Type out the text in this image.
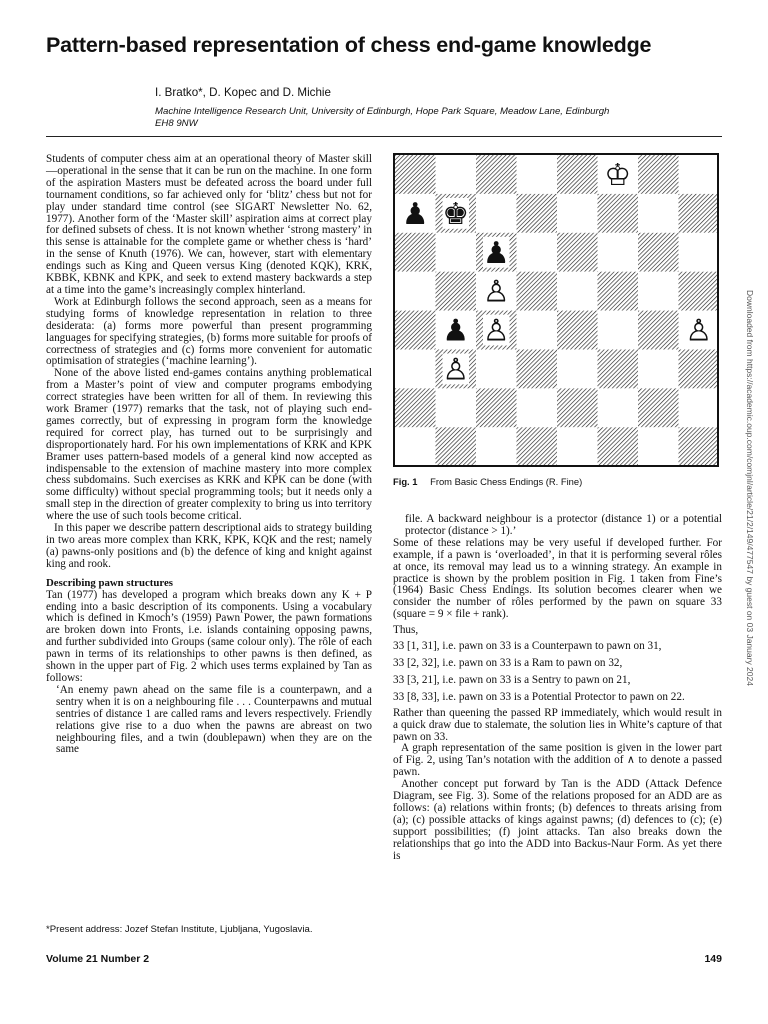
Pattern-based representation of chess end-game knowledge
I. Bratko*, D. Kopec and D. Michie
Machine Intelligence Research Unit, University of Edinburgh, Hope Park Square, Meadow Lane, Edinburgh EH8 9NW

Students of computer chess aim at an operational theory of Master skill—operational in the sense that it can be run on the machine. In one form of the aspiration Masters must be defeated across the board under full tournament conditions, so far achieved only for ‘blitz’ chess but not for play under standard time control (see SIGART Newsletter No. 62, 1977). Another form of the ‘Master skill’ aspiration aims at correct play for defined subsets of chess. It is not known whether ‘strong mastery’ in this sense is attainable for the complete game or whether chess is ‘hard’ in the sense of Knuth (1976). We can, however, start with elementary endings such as King and Queen versus King (denoted KQK), KRK, KBBK, KBNK and KPK, and seek to extend mastery backwards a step at a time into the game’s increasingly complex hinterland.

Work at Edinburgh follows the second approach, seen as a means for studying forms of knowledge representation in relation to three desiderata: (a) forms more powerful than present programming languages for specifying strategies, (b) forms more suitable for proofs of correctness of strategies and (c) forms more convenient for automatic optimisation of strategies (‘machine learning’).

None of the above listed end-games contains anything problematical from a Master’s point of view and computer programs embodying correct strategies have been written for all of them. In reviewing this work Bramer (1977) remarks that the task, not of playing such end-games correctly, but of expressing in program form the knowledge required for correct play, has turned out to be surprisingly and disproportionately hard. For his own implementations of KRK and KPK Bramer uses pattern-based models of a general kind now accepted as indispensable to the extension of machine mastery into more complex chess subdomains. Such exercises as KRK and KPK can be done (with some difficulty) without special programming tools; but it needs only a small step in the direction of greater complexity to bring us into territory where the use of such tools become critical.

In this paper we describe pattern descriptional aids to strategy building in two areas more complex than KRK, KPK, KQK and the rest; namely (a) pawns-only positions and (b) the defence of king and knight against king and rook.

Describing pawn structures

Tan (1977) has developed a program which breaks down any K + P ending into a basic description of its components. Using a vocabulary which is defined in Kmoch’s (1959) Pawn Power, the pawn formations are broken down into Fronts, i.e. islands containing opposing pawns, and further subdivided into Groups (same colour only). The rôle of each pawn in terms of its relationships to other pawns is then defined, as shown in the upper part of Fig. 2 which uses terms explained by Tan as follows:

‘An enemy pawn ahead on the same file is a counterpawn, and a sentry when it is on a neighbouring file . . . Counterpawns and mutual sentries of distance 1 are called rams and levers respectively. Friendly relations give rise to a duo when the pawns are abreast on two neighbouring files, and a twin (doublepawn) when they are on the same

♔
♟ ♚
♟
♙
♙
♟ ♙
♙
Fig. 1 From Basic Chess Endings (R. Fine)

file. A backward neighbour is a protector (distance 1) or a potential protector (distance > 1).’

Some of these relations may be very useful if developed further. For example, if a pawn is ‘overloaded’, in that it is performing several rôles at once, its removal may lead us to a winning strategy. An example in practice is shown by the problem position in Fig. 1 taken from Fine’s (1964) Basic Chess Endings. Its solution becomes clearer when we consider the number of rôles performed by the pawn on square 33 (square = 9 × file + rank).

Thus,

33 [1, 31], i.e. pawn on 33 is a Counterpawn to pawn on 31,

33 [2, 32], i.e. pawn on 33 is a Ram to pawn on 32,

33 [3, 21], i.e. pawn on 33 is a Sentry to pawn on 21,

33 [8, 33], i.e. pawn on 33 is a Potential Protector to pawn on 22.

Rather than queening the passed RP immediately, which would result in a quick draw due to stalemate, the solution lies in White’s capture of that pawn on 33.

A graph representation of the same position is given in the lower part of Fig. 2, using Tan’s notation with the addition of ∧ to denote a passed pawn.

Another concept put forward by Tan is the ADD (Attack Defence Diagram, see Fig. 3). Some of the relations proposed for an ADD are as follows: (a) relations within fronts; (b) defences to threats arising from (a); (c) possible attacks of kings against pawns; (d) defences to (c); (e) support possibilities; (f) joint attacks. Tan also breaks down the relationships that go into the ADD into Backus-Naur Form. As yet there is

*Present address: Jozef Stefan Institute, Ljubljana, Yugoslavia.
Volume 21 Number 2	149
Downloaded from https://academic.oup.com/comjnl/article/21/2/149/477547 by guest on 03 January 2024
